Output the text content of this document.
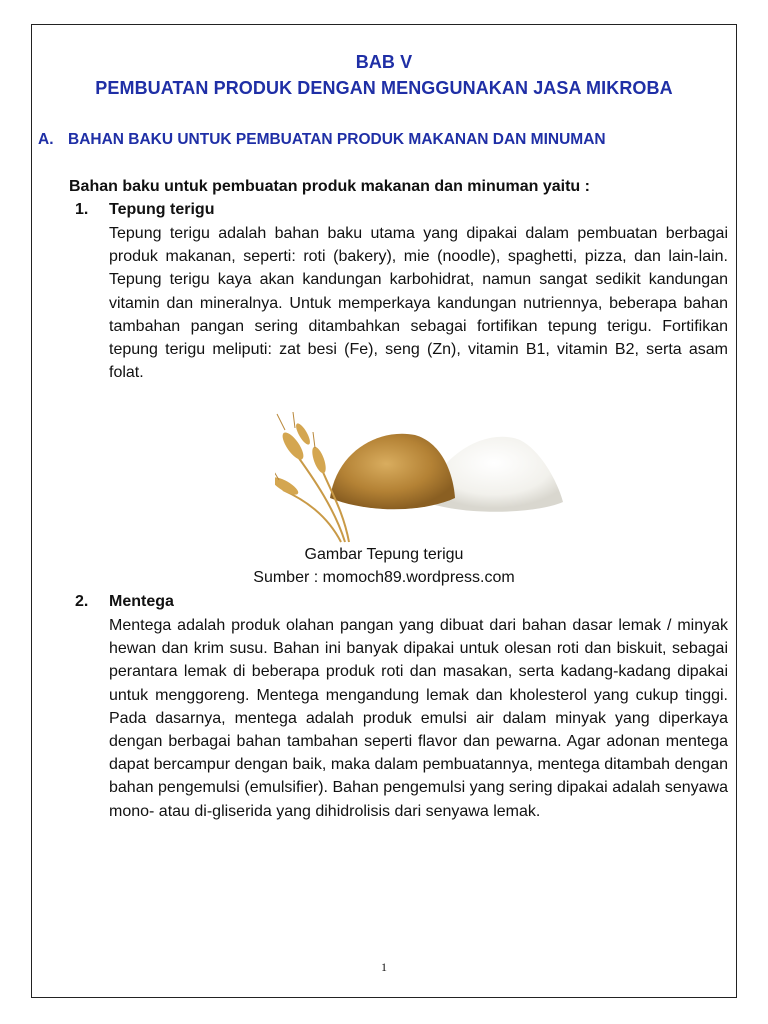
BAB V
PEMBUATAN PRODUK DENGAN MENGGUNAKAN JASA MIKROBA
A. BAHAN BAKU UNTUK PEMBUATAN PRODUK MAKANAN DAN MINUMAN
Bahan baku untuk pembuatan produk makanan dan minuman yaitu :
1. Tepung terigu

Tepung terigu adalah bahan baku utama yang dipakai dalam pembuatan berbagai produk makanan, seperti: roti (bakery), mie (noodle), spaghetti, pizza, dan lain-lain. Tepung terigu kaya akan kandungan karbohidrat, namun sangat sedikit kandungan vitamin dan mineralnya. Untuk memperkaya kandungan nutriennya, beberapa bahan tambahan pangan sering ditambahkan sebagai fortifikan tepung terigu. Fortifikan tepung terigu meliputi: zat besi (Fe), seng (Zn), vitamin B1, vitamin B2, serta asam folat.

Gambar Tepung terigu
Sumber : momoch89.wordpress.com
2. Mentega

Mentega adalah produk olahan pangan yang dibuat dari bahan dasar lemak / minyak hewan dan krim susu. Bahan ini banyak dipakai untuk olesan roti dan biskuit, sebagai perantara lemak di beberapa produk roti dan masakan, serta kadang-kadang dipakai untuk menggoreng. Mentega mengandung lemak dan kholesterol yang cukup tinggi. Pada dasarnya, mentega adalah produk emulsi air dalam minyak yang diperkaya dengan berbagai bahan tambahan seperti flavor dan pewarna. Agar adonan mentega dapat bercampur dengan baik, maka dalam pembuatannya, mentega ditambah dengan bahan pengemulsi (emulsifier). Bahan pengemulsi yang sering dipakai adalah senyawa mono- atau di-gliserida yang dihidrolisis dari senyawa lemak.

1
